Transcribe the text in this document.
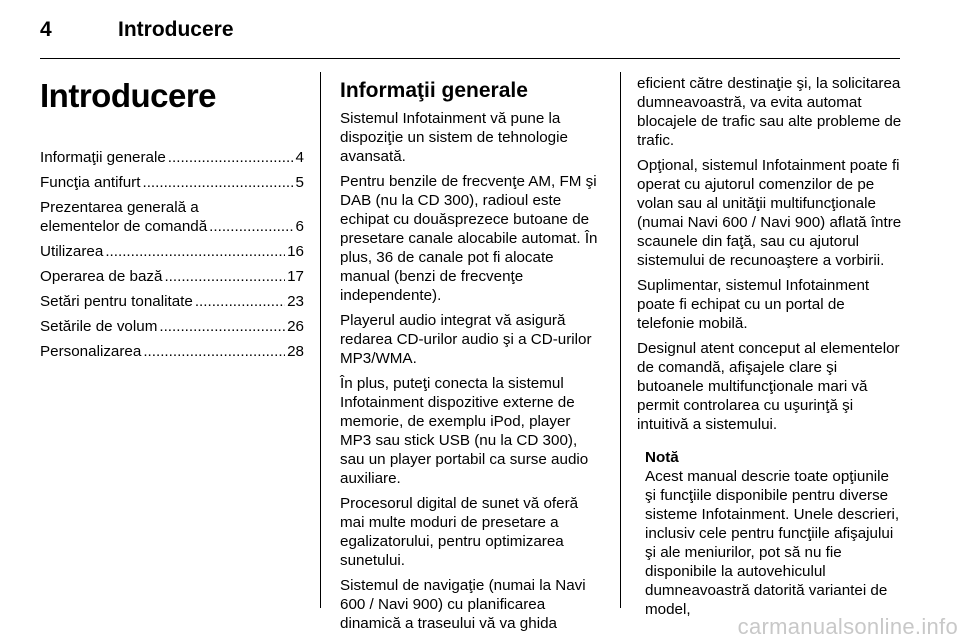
4	Introducere
Introducere
Informaţii generale .....	4
Funcţia antifurt .....	5
Prezentarea generală a
elementelor de comandă .....	6
Utilizarea .....	16
Operarea de bază .....	17
Setări pentru tonalitate .....	23
Setările de volum .....	26
Personalizarea .....	28
Informaţii generale

Sistemul Infotainment vă pune la dispoziţie un sistem de tehnologie avansată.

Pentru benzile de frecvenţe AM, FM şi DAB (nu la CD 300), radioul este echipat cu douăsprezece butoane de presetare canale alocabile automat. În plus, 36 de canale pot fi alocate manual (benzi de frecvenţe independente).

Playerul audio integrat vă asigură redarea CD-urilor audio şi a CD-urilor MP3/WMA.

În plus, puteţi conecta la sistemul Infotainment dispozitive externe de memorie, de exemplu iPod, player MP3 sau stick USB (nu la CD 300), sau un player portabil ca surse audio auxiliare.

Procesorul digital de sunet vă oferă mai multe moduri de presetare a egalizatorului, pentru optimizarea sunetului.

Sistemul de navigaţie (numai la Navi 600 / Navi 900) cu planificarea dinamică a traseului vă va ghida

eficient către destinaţie şi, la solicitarea dumneavoastră, va evita automat blocajele de trafic sau alte probleme de trafic.

Opţional, sistemul Infotainment poate fi operat cu ajutorul comenzilor de pe volan sau al unităţii multifuncţionale (numai Navi 600 / Navi 900) aflată între scaunele din faţă, sau cu ajutorul sistemului de recunoaştere a vorbirii.

Suplimentar, sistemul Infotainment poate fi echipat cu un portal de telefonie mobilă.

Designul atent conceput al elementelor de comandă, afişajele clare şi butoanele multifuncţionale mari vă permit controlarea cu uşurinţă şi intuitivă a sistemului.

Notă
Acest manual descrie toate opţiunile şi funcţiile disponibile pentru diverse sisteme Infotainment. Unele descrieri, inclusiv cele pentru funcţiile afişajului şi ale meniurilor, pot să nu fie disponibile la autovehiculul dumneavoastră datorită variantei de model,
carmanualsonline.info
